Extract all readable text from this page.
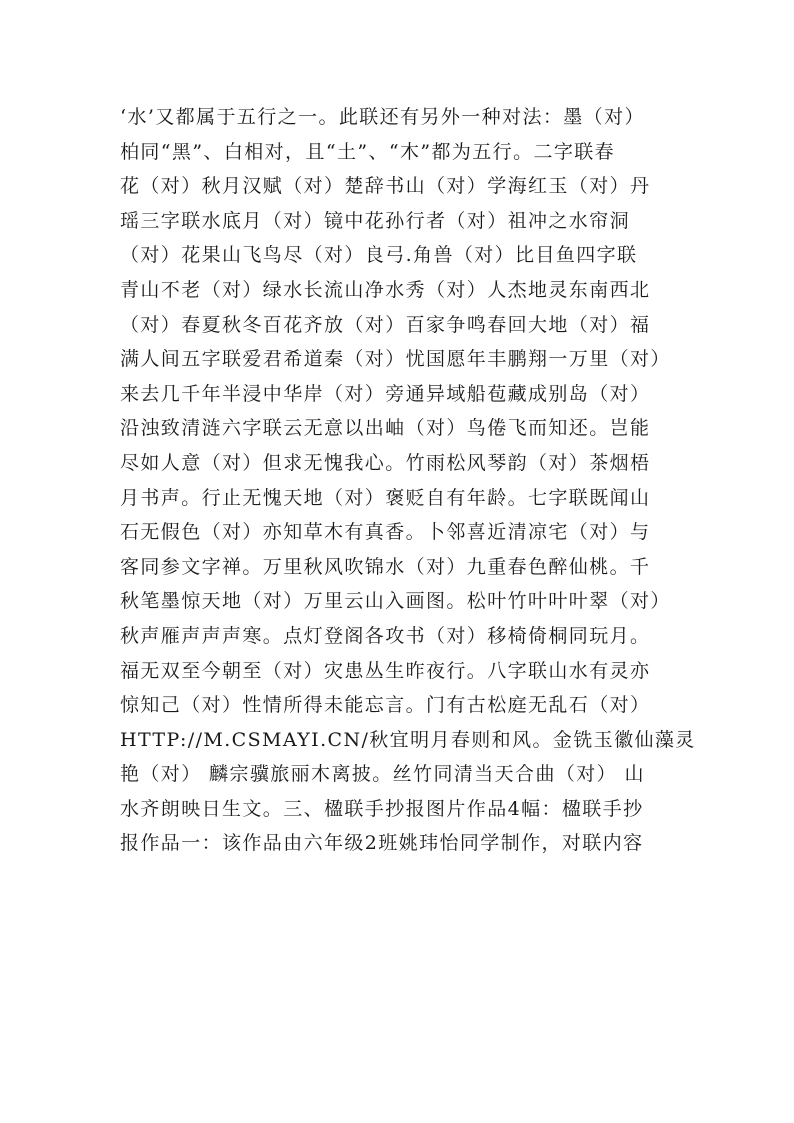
‘水’又都属于五行之一。此联还有另外一种对法：墨（对）
柏同“黑”、白相对，且“土”、“木”都为五行。二字联春
花（对）秋月汉赋（对）楚辞书山（对）学海红玉（对）丹
瑶三字联水底月（对）镜中花孙行者（对）祖冲之水帘洞
（对）花果山飞鸟尽（对）良弓.角兽（对）比目鱼四字联
青山不老（对）绿水长流山净水秀（对）人杰地灵东南西北
（对）春夏秋冬百花齐放（对）百家争鸣春回大地（对）福
满人间五字联爱君希道秦（对）忧国愿年丰鹏翔一万里（对）
来去几千年半浸中华岸（对）旁通异域船苞藏成别岛（对）
沿浊致清涟六字联云无意以出岫（对）鸟倦飞而知还。岂能
尽如人意（对）但求无愧我心。竹雨松风琴韵（对）茶烟梧
月书声。行止无愧天地（对）褒贬自有年龄。七字联既闻山
石无假色（对）亦知草木有真香。卜邻喜近清凉宅（对）与
客同参文字禅。万里秋风吹锦水（对）九重春色醉仙桃。千
秋笔墨惊天地（对）万里云山入画图。松叶竹叶叶叶翠（对）
秋声雁声声声寒。点灯登阁各攻书（对）移椅倚桐同玩月。
福无双至今朝至（对）灾患丛生昨夜行。八字联山水有灵亦
惊知己（对）性情所得未能忘言。门有古松庭无乱石（对）
HTTP://M.CSMAYI.CN/秋宜明月春则和风。金铣玉徽仙藻灵
艳（对） 麟宗骥旅丽木离披。丝竹同清当天合曲（对） 山
水齐朗映日生文。三、楹联手抄报图片作品4幅：楹联手抄
报作品一：该作品由六年级2班姚玮怡同学制作，对联内容
